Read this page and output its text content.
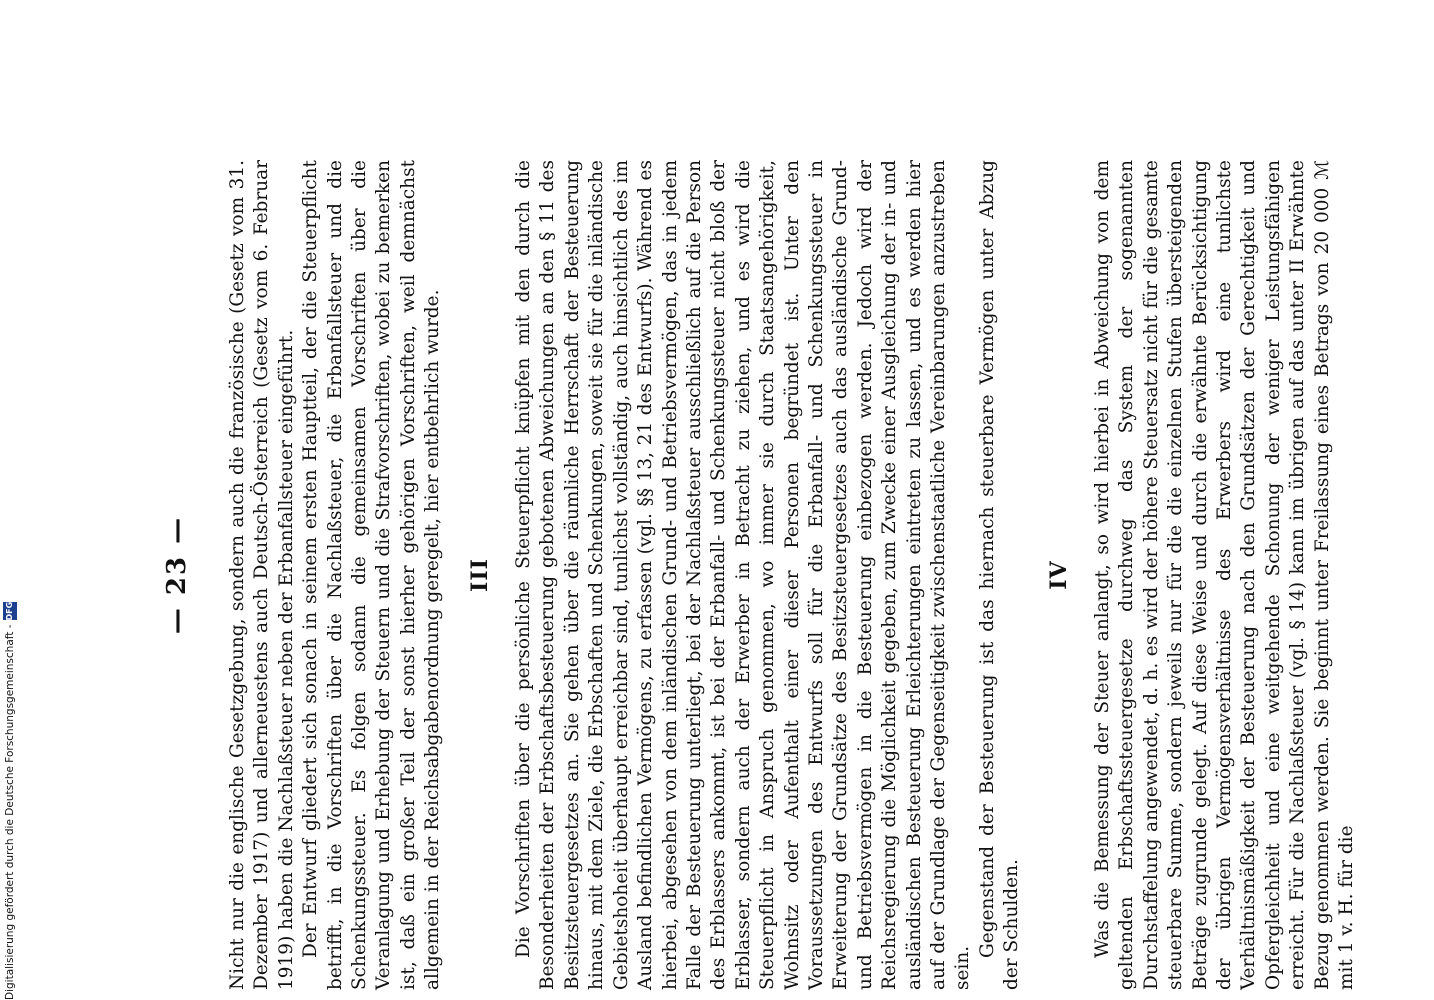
— 23 — Nicht nur die englische Gesetzgebung, sondern auch die französische (Gesetz vom 31. Dezember 1917) und allerneuestens auch Deutsch-Österreich (Gesetz vom 6. Februar 1919) haben die Nachlaßsteuer neben der Erbanfallsteuer eingeführt. Der Entwurf gliedert sich sonach in seinem ersten Hauptteil, der die Steuerpflicht betrifft, in die Vorschriften über die Nachlaßsteuer, die Erbanfallsteuer und die Schenkungssteuer. Es folgen sodann die gemeinsamen Vorschriften über die Veranlagung und Erhebung der Steuern und die Strafvorschriften, wobei zu bemerken ist, daß ein großer Teil der sonst hierher gehörigen Vorschriften, weil demnächst allgemein in der Reichsabgabenordnung geregelt, hier entbehrlich wurde. III Die Vorschriften über die persönliche Steuerpflicht knüpfen mit den durch die Besonderheiten der Erbschaftsbesteuerung gebotenen Abweichungen an den § 11 des Besitzsteuergesetzes an. Sie gehen über die räumliche Herrschaft der Besteuerung hinaus, mit dem Ziele, die Erbschaften und Schenkungen, soweit sie für die inländische Gebietshoheit überhaupt erreichbar sind, tunlichst vollständig, auch hinsichtlich des im Ausland befindlichen Vermögens, zu erfassen (vgl. §§ 13, 21 des Entwurfs). Während es hierbei, abgesehen von dem inländischen Grund- und Betriebsvermögen, das in jedem Falle der Besteuerung unterliegt, bei der Nachlaßsteuer ausschließlich auf die Person des Erblassers ankommt, ist bei der Erbanfall- und Schenkungssteuer nicht bloß der Erblasser, sondern auch der Erwerber in Betracht zu ziehen, und es wird die Steuerpflicht in Anspruch genommen, wo immer sie durch Staatsangehörigkeit, Wohnsitz oder Aufenthalt einer dieser Personen begründet ist. Unter den Voraussetzungen des Entwurfs soll für die Erbanfall- und Schenkungssteuer in Erweiterung der Grundsätze des Besitzsteuergesetzes auch das ausländische Grund- und Betriebsvermögen in die Besteuerung einbezogen werden. Jedoch wird der Reichsregierung die Möglichkeit gegeben, zum Zwecke einer Ausgleichung der in- und ausländischen Besteuerung Erleichterungen eintreten zu lassen, und es werden hier auf der Grundlage der Gegenseitigkeit zwischenstaatliche Vereinbarungen anzustreben sein.

Gegenstand der Besteuerung ist das hiernach steuerbare Vermögen unter Abzug der Schulden.

IV Was die Bemessung der Steuer anlangt, so wird hierbei in Abweichung von dem geltenden Erbschaftssteuergesetze durchweg das System der sogenannten Durchstaffelung angewendet, d. h. es wird der höhere Steuersatz nicht für die gesamte steuerbare Summe, sondern jeweils nur für die die einzelnen Stufen übersteigenden Beträge zugrunde gelegt. Auf diese Weise und durch die erwähnte Berücksichtigung der übrigen Vermögensverhältnisse des Erwerbers wird eine tunlichste Verhältnismäßigkeit der Besteuerung nach den Grundsätzen der Gerechtigkeit und Opfergleichheit und eine weitgehende Schonung der weniger Leistungsfähigen erreicht. Für die Nachlaßsteuer (vgl. § 14) kann im übrigen auf das unter II Erwähnte Bezug genommen werden. Sie beginnt unter Freilassung eines Betrags von 20 000 ℳ mit 1 v. H. für die

Digitalisierung gefördert durch die Deutsche Forschungsgemeinschaft -
DFG
